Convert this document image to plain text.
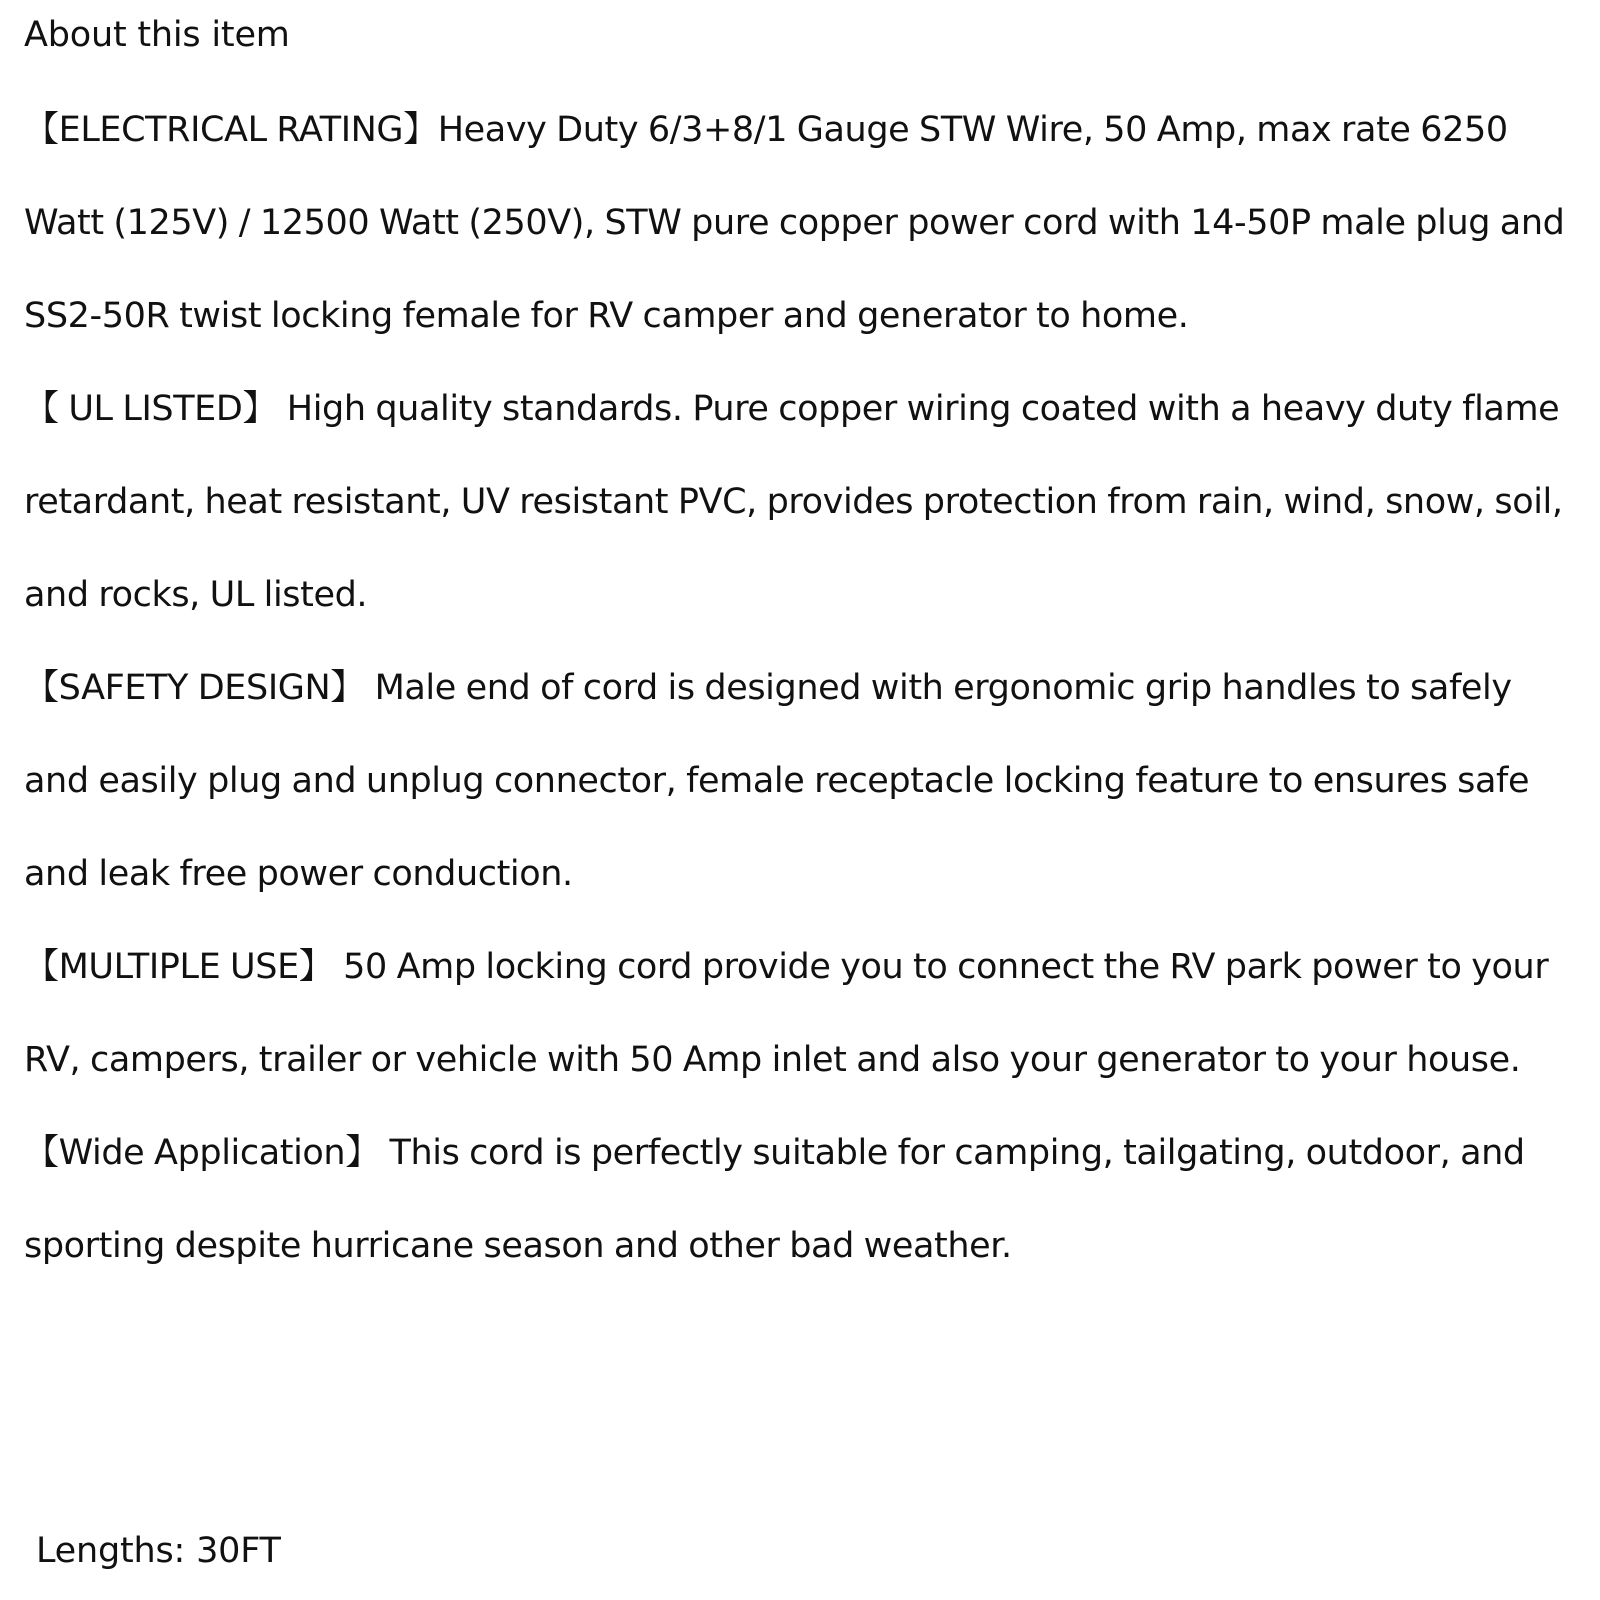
About this item
【ELECTRICAL RATING】Heavy Duty 6/3+8/1 Gauge STW Wire, 50 Amp, max rate 6250 Watt (125V) / 12500 Watt (250V), STW pure copper power cord with 14-50P male plug and SS2-50R twist locking female for RV camper and generator to home.
【 UL LISTED】 High quality standards. Pure copper wiring coated with a heavy duty flame retardant, heat resistant, UV resistant PVC, provides protection from rain, wind, snow, soil, and rocks, UL listed.
【SAFETY DESIGN】 Male end of cord is designed with ergonomic grip handles to safely and easily plug and unplug connector, female receptacle locking feature to ensures safe and leak free power conduction.
【MULTIPLE USE】 50 Amp locking cord provide you to connect the RV park power to your RV, campers, trailer or vehicle with 50 Amp inlet and also your generator to your house.
【Wide Application】 This cord is perfectly suitable for camping, tailgating, outdoor, and sporting despite hurricane season and other bad weather.

Lengths: 30FT
